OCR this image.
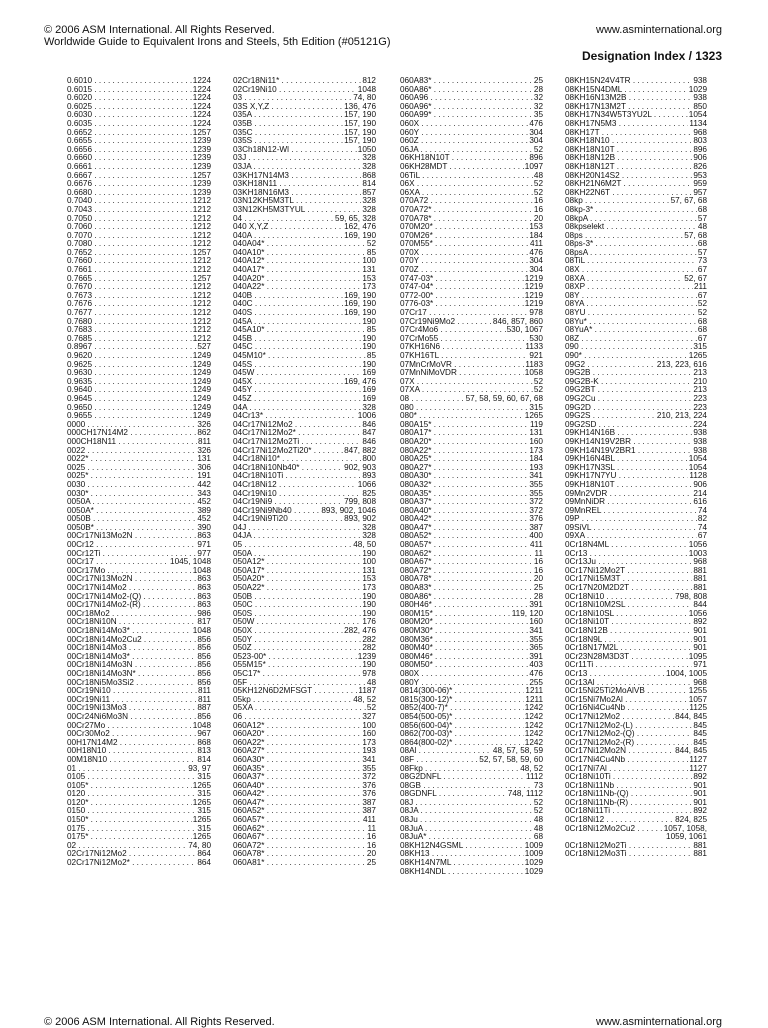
© 2006 ASM International. All Rights Reserved.
Worldwide Guide to Equivalent Irons and Steels, 5th Edition (#05121G)
www.asminternational.org
Designation Index / 1323
0.6010 . . .	1224
0.6015 . . .	1224
0.6020 . . .	1224
0.6025 . . .	1224
0.6030 . . .	1224
0.6035 . . .	1224
0.6652 . . .	1257
0.6655 . . .	1239
0.6656 . . .	1239
0.6660 . . .	1239
0.6661 . . .	1239
0.6667 . . .	1257
0.6676 . . .	1239
0.6680 . . .	1239
0.7040 . . .	1212
0.7043 . . .	1212
0.7050 . . .	1212
0.7060 . . .	1212
0.7070 . . .	1212
0.7080 . . .	1212
0.7652 . . .	1257
0.7660 . . .	1212
0.7661 . . .	1212
0.7665 . . .	1257
0.7670 . . .	1212
0.7673 . . .	1212
0.7676 . . .	1212
0.7677 . . .	1212
0.7680 . . .	1212
0.7683 . . .	1212
0.7685 . . .	1212
0.8967 . . .	527
0.9620 . . .	1249
0.9625 . . .	1249
0.9630 . . .	1249
0.9635 . . .	1249
0.9640 . . .	1249
0.9645 . . .	1249
0.9650 . . .	1249
0.9655 . . .	1249
0000 . . .	326
000CH17N14M2 . . .	862
000CH18N11 . . .	811
0022 . . .	326
0022* . . .	131
0025 . . .	306
0025* . . .	191
0030 . . .	442
0030* . . .	343
0050A . . .	452
0050A* . . .	389
0050B . . .	452
0050B* . . .	390
00Cr17Ni13Mo2N . . .	863
00Cr12 . . .	971
00Cr12Ti . . .	977
00Cr17 . . .	1045, 1048
00Cr17Mo . . .	1048
00Cr17Ni13Mo2N . . .	863
00Cr17Ni14Mo2 . . .	863
00Cr17Ni14Mo2-(Q) . . .	863
00Cr17Ni14Mo2-(R) . . .	863
00Cr18Mo2 . . .	986
00Cr18Ni10N . . .	817
00Cr18Ni14Mo3* . . .	1048
00Cr18Ni14Mo2Cu2 . . .	856
00Cr18Ni14Mo3 . . .	856
00Cr18Ni14Mo3* . . .	856
00Cr18Ni14Mo3N . . .	856
00Cr18Ni14Mo3N* . . .	856
00Cr18Ni5Mo3Si2 . . .	856
00Cr19Ni10 . . .	811
00Cr19Ni11 . . .	811
00Cr19Ni13Mo3 . . .	887
00Cr24Ni6Mo3N . . .	856
00Cr27Mo . . .	1048
00Cr30Mo2 . . .	967
00H17N14M2 . . .	868
00H18N10 . . .	813
00M18N10 . . .	814
01 . . .	93, 97
0105 . . .	315
0105* . . .	1265
0120 . . .	315
0120* . . .	1265
0150 . . .	315
0150* . . .	1265
0175 . . .	315
0175* . . .	1265
02 . . .	74, 80
02Cr17Ni12Mo2 . . .	864
02Cr17Ni12Mo2* . . .	864
02Cr18Ni11* . . .	812
02Cr19Ni10 . . .	1048
03 . . .	74, 80
03S X,Y,Z . . .	136, 476
035A . . .	157, 190
035B . . .	157, 190
035C . . .	157, 190
035S . . .	157, 190
03Ch18N12-Wl . . .	1050
03J . . .	328
03JA . . .	328
03KH17N14M3 . . .	868
03KH18N11 . . .	814
03KH18N16M3 . . .	857
03N12KH5M3TL . . .	328
03N12KH5M3TYUL . . .	328
04 . . .	59, 65, 328
040 X,Y,Z . . .	162, 476
040A . . .	169, 190
040A04* . . .	52
040A10* . . .	85
040A12* . . .	100
040A17* . . .	131
040A20* . . .	153
040A22* . . .	173
040B . . .	169, 190
040C . . .	169, 190
040S . . .	169, 190
045A . . .	190
045A10* . . .	85
045B . . .	190
045C . . .	190
045M10* . . .	85
045S . . .	190
045W . . .	169
045X . . .	169, 476
045Y . . .	169
045Z . . .	169
04A . . .	328
04Cr13* . . .	1006
04Cr17Ni12Mo2 . . .	846
04Cr17Ni12Mo2* . . .	847
04Cr17Ni12Mo2Ti . . .	846
04Cr17Ni12Mo2Ti20* . . .	847, 882
04Cr18Ni10* . . .	800
04Cr18Ni10Nb40* . . .	902, 903
04Cr18Ni10Ti . . .	893
04Cr18Ni12 . . .	1066
04Cr19Ni10 . . .	825
04Cr19Ni9 . . .	799, 808
04Cr19Ni9Nb40 . . .	893, 902, 1046
04Cr19Ni9Ti20 . . .	893, 902
04J . . .	328
04JA . . .	328
05 . . .	48, 50
050A . . .	190
050A12* . . .	100
050A17* . . .	131
050A20* . . .	153
050A22* . . .	173
050B . . .	190
050C . . .	190
050S . . .	190
050W . . .	176
050X . . .	282, 476
050Y . . .	282
050Z . . .	282
0523-00* . . .	1239
055M15* . . .	190
05C17* . . .	978
05F . . .	48
05KH12N6D2MFSGT . . .	1187
05kp . . .	48, 52
05XA . . .	52
06 . . .	327
060A12* . . .	100
060A20* . . .	160
060A22* . . .	173
060A27* . . .	193
060A30* . . .	341
060A35* . . .	355
060A37* . . .	372
060A40* . . .	376
060A42* . . .	376
060A47* . . .	387
060A52* . . .	387
060A57* . . .	411
060A62* . . .	11
060A67* . . .	16
060A72* . . .	16
060A78* . . .	20
060A81* . . .	25
060A83* . . .	25
060A86* . . .	28
060A96 . . .	32
060A96* . . .	32
060A99* . . .	35
060X . . .	476
060Y . . .	304
060Z . . .	304
06JA . . .	52
06KH18N10T . . .	896
06KH28MDT . . .	1097
06TiL . . .	48
06X . . .	52
06XA . . .	52
070A72 . . .	16
070A72* . . .	16
070A78* . . .	20
070M20* . . .	153
070M26* . . .	184
070M55* . . .	411
070X . . .	476
070Y . . .	304
070Z . . .	304
0747-03* . . .	1219
0747-04* . . .	1219
0772-00* . . .	1219
0776-03* . . .	1219
07Cr17 . . .	978
07Cr19Ni9Mo2 . . .	846, 857, 860
07Cr4Mo6 . . .	530, 1067
07CrMo55 . . .	530
07KH16N6 . . .	1133
07KH16TL . . .	921
07MnCrMoVR . . .	1183
07MnNiMoVDR . . .	1058
07X . . .	52
07XA . . .	52
08 . . .	57, 58, 59, 60, 67, 68
080 . . .	315
080* . . .	1265
080A15* . . .	119
080A17* . . .	131
080A20* . . .	160
080A22* . . .	173
080A25* . . .	184
080A27* . . .	193
080A30* . . .	341
080A32* . . .	355
080A35* . . .	355
080A37* . . .	372
080A40* . . .	372
080A42* . . .	376
080A47* . . .	387
080A52* . . .	400
080A57* . . .	411
080A62* . . .	11
080A67* . . .	16
080A72* . . .	16
080A78* . . .	20
080A83* . . .	25
080A86* . . .	28
080H46* . . .	391
080M15* . . .	119, 120
080M20* . . .	160
080M30* . . .	341
080M36* . . .	355
080M40* . . .	365
080M46* . . .	391
080M50* . . .	403
080X . . .	476
080Y . . .	255
0814(300-06)* . . .	1211
0815(300-12)* . . .	1211
0852(400-7)* . . .	1242
0854(500-05)* . . .	1242
0856(600-04)* . . .	1242
0862(700-03)* . . .	1242
0864(800-02)* . . .	1242
08Al . . .	48, 57, 58, 59
08F . . .	52, 57, 58, 59, 60
08Fkp . . .	48, 52
08G2DNFL . . .	1112
08GB . . .	73
08GDNFL . . .	748, 1112
08J . . .	52
08JA . . .	52
08Ju . . .	48
08JuA . . .	48
08JuA* . . .	68
08KH12N4GSML . . .	1009
08KH13 . . .	1009
08KH14N7ML . . .	1029
08KH14NDL . . .	1029
08KH15N24V4TR . . .	938
08KH15N4DML . . .	1029
08KH16N13M2B . . .	938
08KH17N13M2T . . .	850
08KH17N34W5T3YU2L . . .	1054
08KH17N5M3 . . .	1134
08KH17T . . .	968
08KH18N10 . . .	803
08KH18N10T . . .	896
08KH18N12B . . .	906
08KH18N12T . . .	826
08KH20N14S2 . . .	953
08KH21N6M2T . . .	959
08KH22N6T . . .	957
08kp . . .	57, 67, 68
08kp-3* . . .	68
08kpA . . .	57
08kpselekt . . .	48
08ps . . .	57, 68
08ps-3* . . .	68
08psA . . .	57
08TiL . . .	73
08X . . .	67
08XA . . .	52, 67
08XP . . .	211
08Y . . .	67
08YA . . .	52
08YU . . .	52
08Yu* . . .	68
08YuA* . . .	68
08Z . . .	67
090 . . .	315
090* . . .	1265
09G2 . . .	213, 223, 616
09G2B . . .	213
09G2B-K . . .	210
09G2BT . . .	213
09G2Cu . . .	223
09G2D . . .	223
09G2S . . .	210, 213, 224
09G2SD . . .	224
09KH14N16B . . .	938
09KH14N19V2BR . . .	938
09KH14N19V2BR1 . . .	938
09KH16N4BL . . .	1054
09KH17N3SL . . .	1054
09KH17N7YU . . .	1128
09KH18N10T . . .	906
09Mn2VDR . . .	214
09MnNiDR . . .	616
09MnREL . . .	74
09P . . .	82
09SiVL . . .	74
09XA . . .	67
0Cr18N4ML . . .	1056
0Cr13 . . .	1003
0Cr13Ju . . .	968
0Cr17Ni12Mo2T . . .	881
0Cr17Ni15M3T . . .	881
0Cr17N20M2D2T . . .	881
0Cr18Ni10 . . .	798, 808
0Cr18Ni10M2SL . . .	844
0Cr18Ni10SL . . .	1056
0Cr18Ni10T . . .	892
0Cr18N12B . . .	901
0Cr18N9L . . .	901
0Cr18N17M2L . . .	901
0Cr23N28M3D3T . . .	1095
0Cr11Ti . . .	971
0Cr13 . . .	1004, 1005
0Cr13Al . . .	968
0Cr15Ni25Ti2MoAlVB . . .	1255
0Cr15Ni7Mo2Al . . .	1057
0Cr16Ni4Cu4Nb . . .	1125
0Cr17Ni12Mo2 . . .	844, 845
0Cr17Ni12Mo2-(L) . . .	845
0Cr17Ni12Mo2-(Q) . . .	845
0Cr17Ni12Mo2-(R) . . .	845
0Cr17Ni12Mo2N . . .	844, 845
0Cr17Ni4Cu4Nb . . .	1127
0Cr17Ni7Al . . .	1127
0Cr18Ni10Ti . . .	892
0Cr18Ni11Nb . . .	901
0Cr18Ni11Nb-(Q) . . .	901
0Cr18Ni11Nb-(R) . . .	901
0Cr18Ni11Ti . . .	892
0Cr18Ni12 . . .	824, 825
0Cr18Ni12Mo2Cu2 . . .	1057, 1058,
1059, 1061
0Cr18Ni12Mo2Ti . . .	881
0Cr18Ni12Mo3Ti . . .	881
© 2006 ASM International. All Rights Reserved.	www.asminternational.org
